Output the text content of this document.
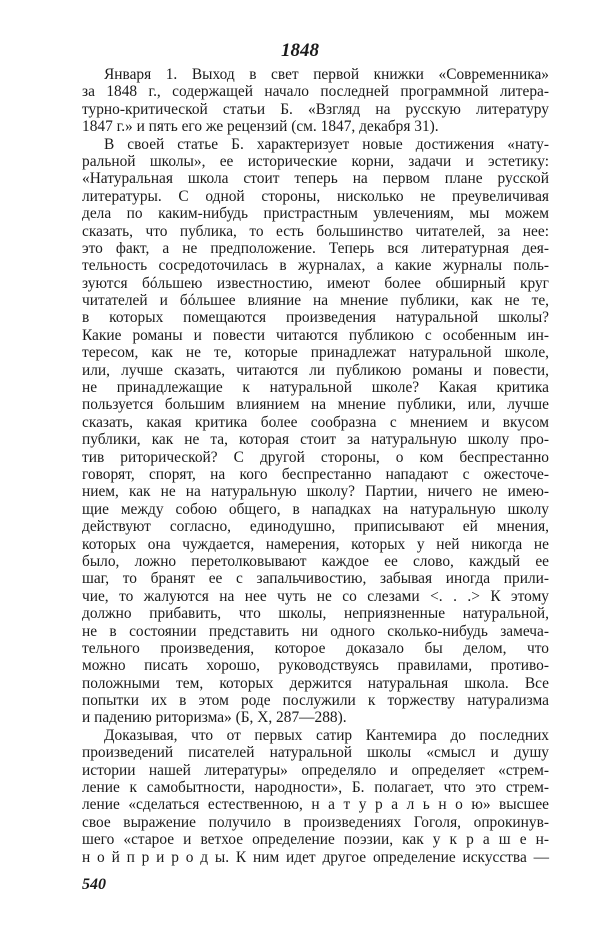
1848
Января 1. Выход в свет первой книжки «Современника»
за 1848 г., содержащей начало последней программной литера-
турно-критической статьи Б. «Взгляд на русскую литературу
1847 г.» и пять его же рецензий (см. 1847, декабря 31).
В своей статье Б. характеризует новые достижения «нату-
ральной школы», ее исторические корни, задачи и эстетику:
«Натуральная школа стоит теперь на первом плане русской
литературы. С одной стороны, нисколько не преувеличивая
дела по каким-нибудь пристрастным увлечениям, мы можем
сказать, что публика, то есть большинство читателей, за нее:
это факт, а не предположение. Теперь вся литературная дея-
тельность сосредоточилась в журналах, а какие журналы поль-
зуются бóльшею известностию, имеют более обширный круг
читателей и бóльшее влияние на мнение публики, как не те,
в которых помещаются произведения натуральной школы?
Какие романы и повести читаются публикою с особенным ин-
тересом, как не те, которые принадлежат натуральной школе,
или, лучше сказать, читаются ли публикою романы и повести,
не принадлежащие к натуральной школе? Какая критика
пользуется большим влиянием на мнение публики, или, лучше
сказать, какая критика более сообразна с мнением и вкусом
публики, как не та, которая стоит за натуральную школу про-
тив риторической? С другой стороны, о ком беспрестанно
говорят, спорят, на кого беспрестанно нападают с ожесточе-
нием, как не на натуральную школу? Партии, ничего не имею-
щие между собою общего, в нападках на натуральную школу
действуют согласно, единодушно, приписывают ей мнения,
которых она чуждается, намерения, которых у ней никогда не
было, ложно перетолковывают каждое ее слово, каждый ее
шаг, то бранят ее с запальчивостию, забывая иногда прили-
чие, то жалуются на нее чуть не со слезами <. . .> К этому
должно прибавить, что школы, неприязненные натуральной,
не в состоянии представить ни одного сколько-нибудь замеча-
тельного произведения, которое доказало бы делом, что
можно писать хорошо, руководствуясь правилами, противо-
положными тем, которых держится натуральная школа. Все
попытки их в этом роде послужили к торжеству натурализма
и падению риторизма» (Б, X, 287—288).
Доказывая, что от первых сатир Кантемира до последних
произведений писателей натуральной школы «смысл и душу
истории нашей литературы» определяло и определяет «стрем-
ление к самобытности, народности», Б. полагает, что это стрем-
ление «сделаться естественною, н а т у р а л ь н о ю» высшее
свое выражение получило в произведениях Гоголя, опрокинув-
шего «старое и ветхое определение поэзии, как у к р а ш е н-
н о й п р и р о д ы. К ним идет другое определение искусства —
540
